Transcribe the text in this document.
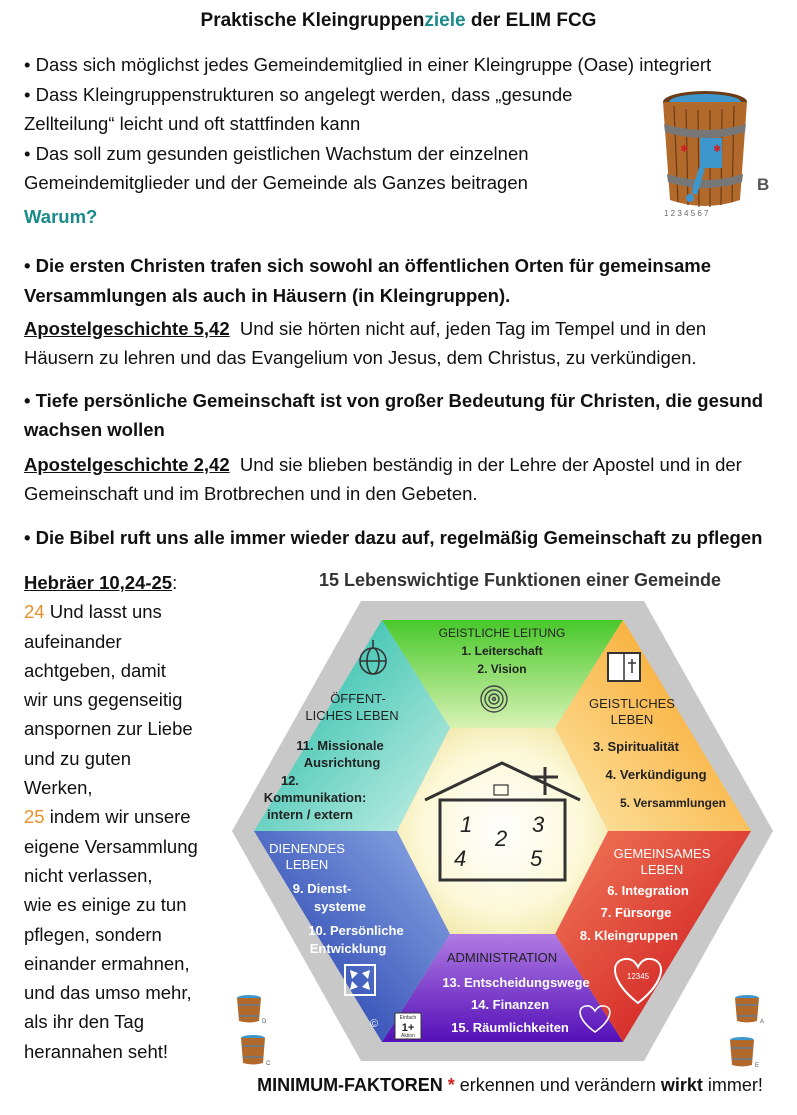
Praktische Kleingruppenziele der ELIM FCG
• Dass sich möglichst jedes Gemeindemitglied in einer Kleingruppe (Oase) integriert
• Dass Kleingruppenstrukturen so angelegt werden, dass „gesunde
Zellteilung“ leicht und oft stattfinden kann
• Das soll zum gesunden geistlichen Wachstum der einzelnen
Gemeindemitglieder und der Gemeinde als Ganzes beitragen
✱ ✱
B
1 2 3 4 5 6 7
Warum?
• Die ersten Christen trafen sich sowohl an öffentlichen Orten für gemeinsame
Versammlungen als auch in Häusern (in Kleingruppen).
Apostelgeschichte 5,42  Und sie hörten nicht auf, jeden Tag im Tempel und in den
Häusern zu lehren und das Evangelium von Jesus, dem Christus, zu verkündigen.
• Tiefe persönliche Gemeinschaft ist von großer Bedeutung für Christen, die gesund
wachsen wollen
Apostelgeschichte 2,42  Und sie blieben beständig in der Lehre der Apostel und in der
Gemeinschaft und im Brotbrechen und in den Gebeten.
• Die Bibel ruft uns alle immer wieder dazu auf, regelmäßig Gemeinschaft zu pflegen
Hebräer 10,24-25:
24 Und lasst uns
aufeinander
achtgeben, damit
wir uns gegenseitig
anspornen zur Liebe
und zu guten
Werken,
25 indem wir unsere
eigene Versammlung
nicht verlassen,
wie es einige zu tun
pflegen, sondern
einander ermahnen,
und das umso mehr,
als ihr den Tag
herannahen seht!
15 Lebenswichtige Funktionen einer Gemeinde
1
2
3
4	5
GEISTLICHE LEITUNG
1. Leiterschaft
2. Vision
GEISTLICHES
LEBEN
3. Spiritualität
4. Verkündigung
5. Versammlungen
GEMEINSAMES
LEBEN
6. Integration
7. Fürsorge
8. Kleingruppen
12345
ADMINISTRATION
13. Entscheidungswege
14. Finanzen
15. Räumlichkeiten
Einfach
1+
Aktion
DIENENDES
LEBEN
9. Dienst-
systeme
10. Persönliche
Entwicklung
©
ÖFFENT-
LICHES LEBEN
11. Missionale
Ausrichtung
12.
Kommunikation:
intern / extern
D
C
A
E
MINIMUM-FAKTOREN * erkennen und verändern wirkt immer!
